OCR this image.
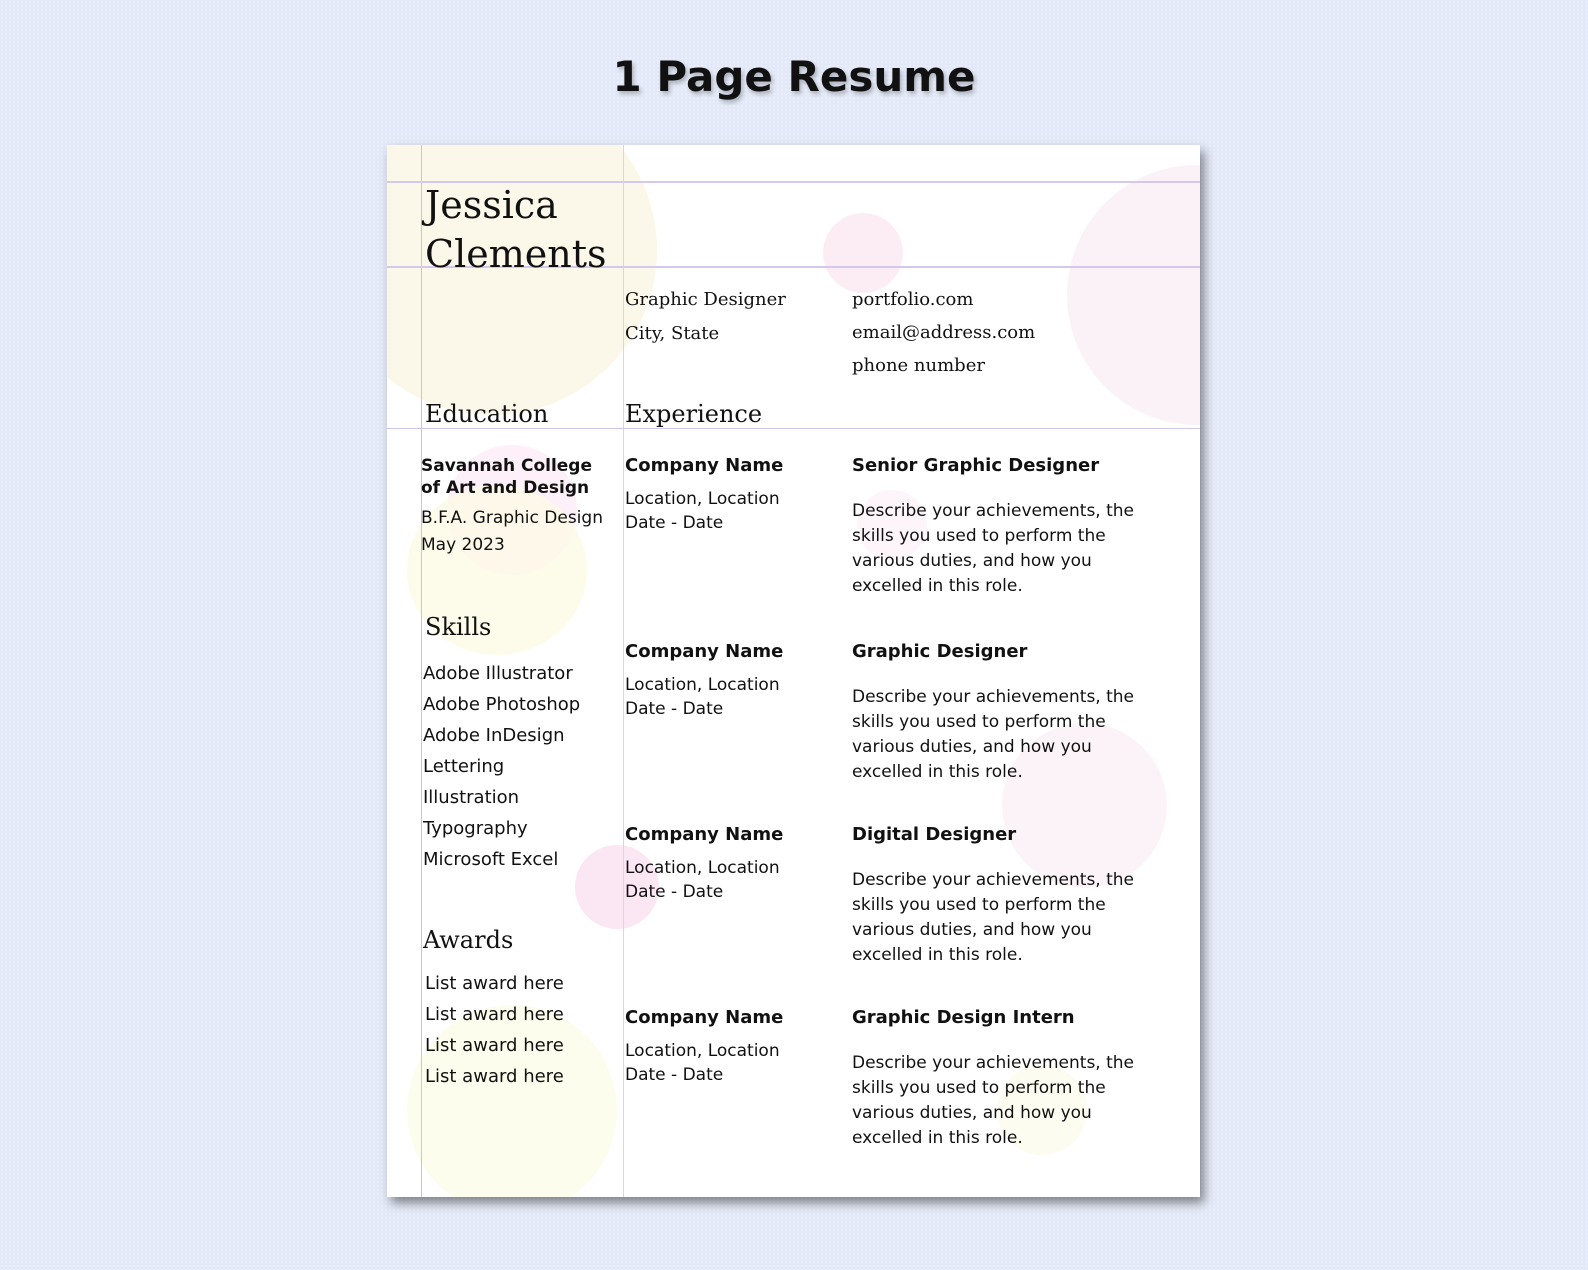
1 Page Resume
Jessica
Clements
Graphic Designer
City, State
portfolio.com
email@address.com
phone number
Education	Experience
Savannah College
of Art and Design
B.F.A. Graphic Design
May 2023
Skills
Adobe Illustrator
Adobe Photoshop
Adobe InDesign
Lettering
Illustration
Typography
Microsoft Excel
Awards
List award here
List award here
List award here
List award here
Company Name
Location, Location
Date - Date
Senior Graphic Designer
Describe your achievements, the skills you used to perform the various duties, and how you excelled in this role.
Company Name
Location, Location
Date - Date
Graphic Designer
Describe your achievements, the skills you used to perform the various duties, and how you excelled in this role.
Company Name
Location, Location
Date - Date
Digital Designer
Describe your achievements, the skills you used to perform the various duties, and how you excelled in this role.
Company Name
Location, Location
Date - Date
Graphic Design Intern
Describe your achievements, the skills you used to perform the various duties, and how you excelled in this role.
